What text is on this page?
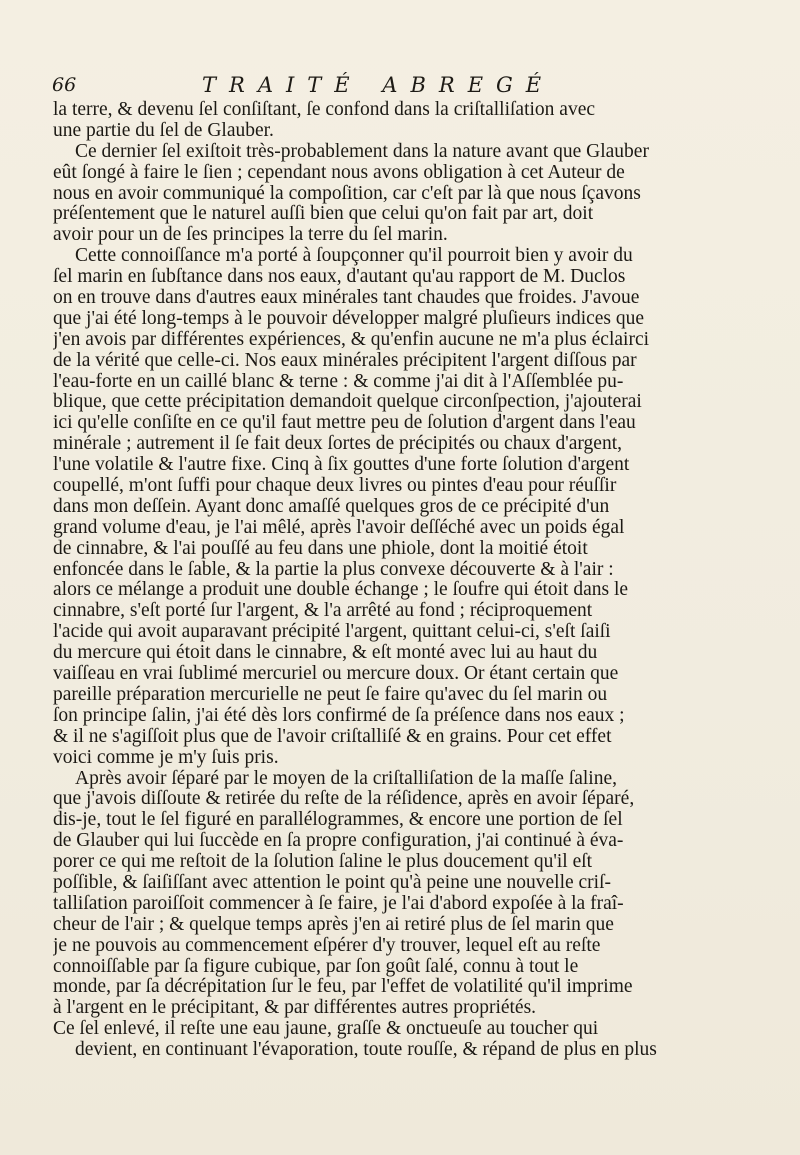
66	TRAITÉ ABREGÉ
la terre, & devenu ſel conſiſtant, ſe confond dans la criſtalliſation avec
une partie du ſel de Glauber.
Ce dernier ſel exiſtoit très-probablement dans la nature avant que Glauber
eût ſongé à faire le ſien ; cependant nous avons obligation à cet Auteur de
nous en avoir communiqué la compoſition, car c'eſt par là que nous ſçavons
préſentement que le naturel auſſi bien que celui qu'on fait par art, doit
avoir pour un de ſes principes la terre du ſel marin.
Cette connoiſſance m'a porté à ſoupçonner qu'il pourroit bien y avoir du
ſel marin en ſubſtance dans nos eaux, d'autant qu'au rapport de M. Duclos
on en trouve dans d'autres eaux minérales tant chaudes que froides. J'avoue
que j'ai été long-temps à le pouvoir développer malgré pluſieurs indices que
j'en avois par différentes expériences, & qu'enfin aucune ne m'a plus éclairci
de la vérité que celle-ci. Nos eaux minérales précipitent l'argent diſſous par
l'eau-forte en un caillé blanc & terne : & comme j'ai dit à l'Aſſemblée pu-
blique, que cette précipitation demandoit quelque circonſpection, j'ajouterai
ici qu'elle conſiſte en ce qu'il faut mettre peu de ſolution d'argent dans l'eau
minérale ; autrement il ſe fait deux ſortes de précipités ou chaux d'argent,
l'une volatile & l'autre fixe. Cinq à ſix gouttes d'une forte ſolution d'argent
coupellé, m'ont ſuffi pour chaque deux livres ou pintes d'eau pour réuſſir
dans mon deſſein. Ayant donc amaſſé quelques gros de ce précipité d'un
grand volume d'eau, je l'ai mêlé, après l'avoir deſſéché avec un poids égal
de cinnabre, & l'ai pouſſé au feu dans une phiole, dont la moitié étoit
enfoncée dans le ſable, & la partie la plus convexe découverte & à l'air :
alors ce mélange a produit une double échange ; le ſoufre qui étoit dans le
cinnabre, s'eſt porté ſur l'argent, & l'a arrêté au fond ; réciproquement
l'acide qui avoit auparavant précipité l'argent, quittant celui-ci, s'eſt ſaiſi
du mercure qui étoit dans le cinnabre, & eſt monté avec lui au haut du
vaiſſeau en vrai ſublimé mercuriel ou mercure doux. Or étant certain que
pareille préparation mercurielle ne peut ſe faire qu'avec du ſel marin ou
ſon principe ſalin, j'ai été dès lors confirmé de ſa préſence dans nos eaux ;
& il ne s'agiſſoit plus que de l'avoir criſtalliſé & en grains. Pour cet effet
voici comme je m'y ſuis pris.
Après avoir ſéparé par le moyen de la criſtalliſation de la maſſe ſaline,
que j'avois diſſoute & retirée du reſte de la réſidence, après en avoir ſéparé,
dis-je, tout le ſel figuré en parallélogrammes, & encore une portion de ſel
de Glauber qui lui ſuccède en ſa propre configuration, j'ai continué à éva-
porer ce qui me reſtoit de la ſolution ſaline le plus doucement qu'il eſt
poſſible, & ſaiſiſſant avec attention le point qu'à peine une nouvelle criſ-
talliſation paroiſſoit commencer à ſe faire, je l'ai d'abord expoſée à la fraî-
cheur de l'air ; & quelque temps après j'en ai retiré plus de ſel marin que
je ne pouvois au commencement eſpérer d'y trouver, lequel eſt au reſte
connoiſſable par ſa figure cubique, par ſon goût ſalé, connu à tout le
monde, par ſa décrépitation ſur le feu, par l'effet de volatilité qu'il imprime
à l'argent en le précipitant, & par différentes autres propriétés.
Ce ſel enlevé, il reſte une eau jaune, graſſe & onctueuſe au toucher qui
devient, en continuant l'évaporation, toute rouſſe, & répand de plus en plus
